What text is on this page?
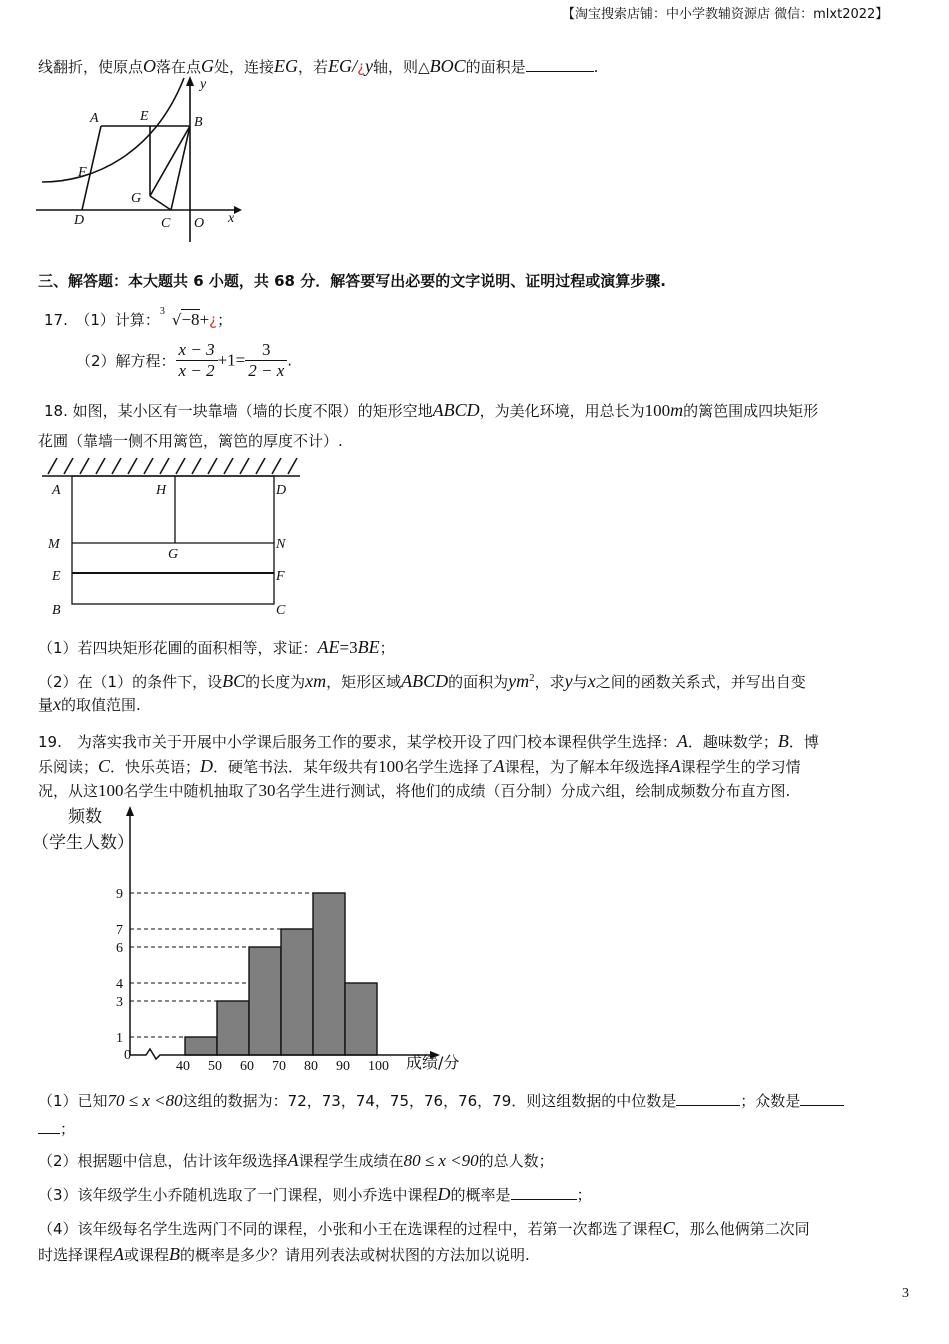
【淘宝搜索店铺：中小学教辅资源店 微信：mlxt2022】
线翻折，使原点O落在点G处，连接EG，若EG/¿y轴，则△BOC的面积是	.
y
x
A	E	B
F
G
D	C O
三、解答题：本大题共 6 小题，共 68 分．解答要写出必要的文字说明、证明过程或演算步骤.
17.　（1）计算： 3 √−8+¿；
（2）解方程： $\frac{x - 3}{x - 2} +1= \frac{3}{2 - x}$ .
18. 如图，某小区有一块靠墙（墙的长度不限）的矩形空地ABCD，为美化环境，用总长为100m的篱笆围成四块矩形
花圃（靠墙一侧不用篱笆，篱笆的厚度不计）.
A	H	D
M
G
N
E	F
B	C
（1）若四块矩形花圃的面积相等，求证：AE=3BE；
（2）在（1）的条件下，设BC的长度为xm，矩形区域ABCD的面积为$ym^2$，求y与x之间的函数关系式，并写出自变
量x的取值范围.
19.　为落实我市关于开展中小学课后服务工作的要求，某学校开设了四门校本课程供学生选择：A．趣味数学；B．博
乐阅读；C．快乐英语；D．硬笔书法．某年级共有100名学生选择了A课程，为了解本年级选择A课程学生的学习情
况，从这100名学生中随机抽取了30名学生进行测试，将他们的成绩（百分制）分成六组，绘制成频数分布直方图.
频数
（学生人数）
40 50 60 70 80 90 100
1
3
4
6
7
9
0	成绩/分
（1）已知70 ≤ x <80这组的数据为：72，73，74，75，76，76，79．则这组数据的中位数是	；众数是
；
（2）根据题中信息，估计该年级选择A课程学生成绩在80 ≤ x <90的总人数；
（3）该年级学生小乔随机选取了一门课程，则小乔选中课程D的概率是	；
（4）该年级每名学生选两门不同的课程，小张和小王在选课程的过程中，若第一次都选了课程C，那么他俩第二次同
时选择课程A或课程B的概率是多少？请用列表法或树状图的方法加以说明.
3
